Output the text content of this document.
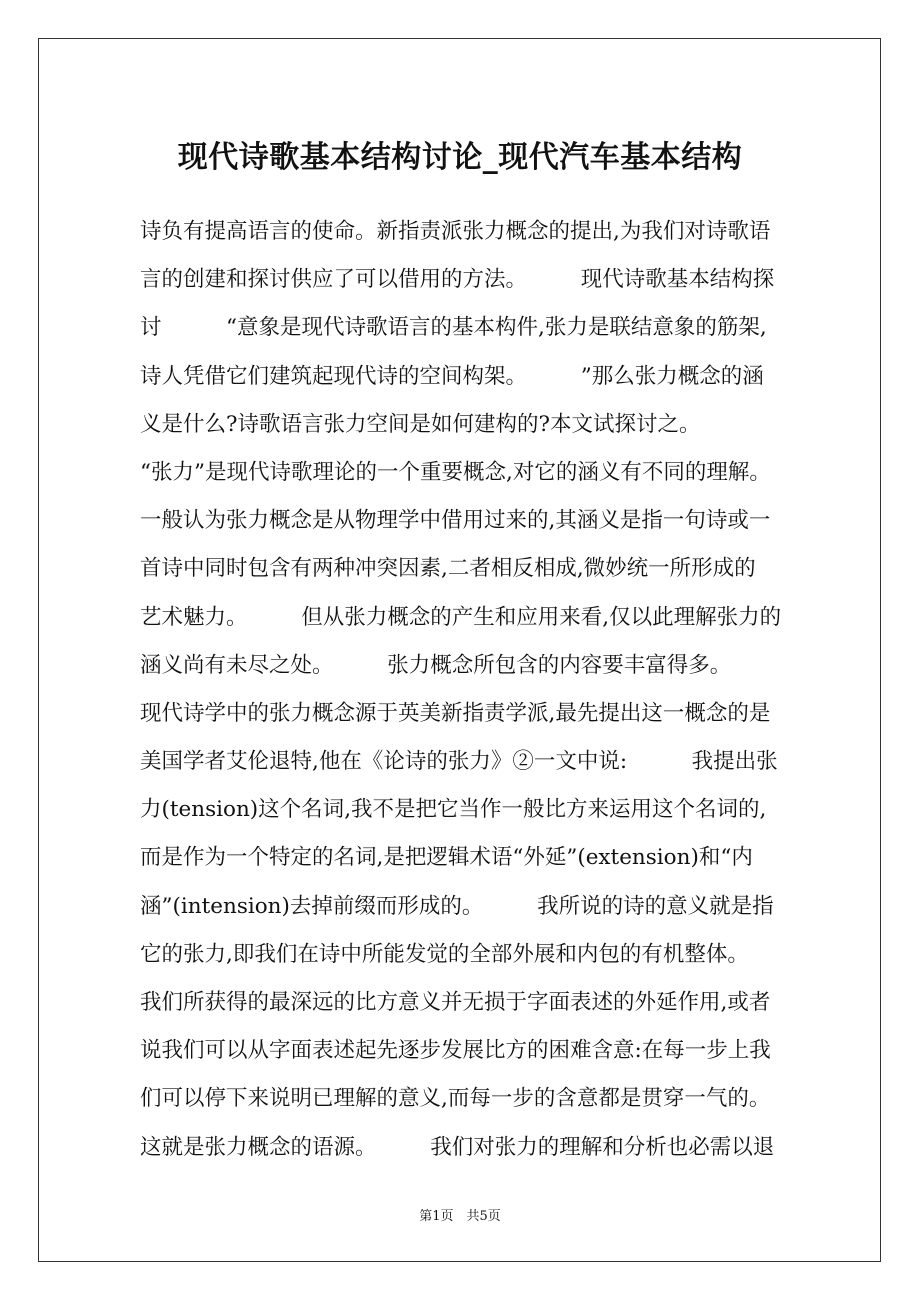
现代诗歌基本结构讨论_现代汽车基本结构
诗负有提高语言的使命。新指责派张力概念的提出,为我们对诗歌语
言的创建和探讨供应了可以借用的方法。　　　现代诗歌基本结构探
讨　　　“意象是现代诗歌语言的基本构件,张力是联结意象的筋架,
诗人凭借它们建筑起现代诗的空间构架。　　　”那么张力概念的涵
义是什么?诗歌语言张力空间是如何建构的?本文试探讨之。
“张力”是现代诗歌理论的一个重要概念,对它的涵义有不同的理解。
一般认为张力概念是从物理学中借用过来的,其涵义是指一句诗或一
首诗中同时包含有两种冲突因素,二者相反相成,微妙统一所形成的
艺术魅力。　　　但从张力概念的产生和应用来看,仅以此理解张力的
涵义尚有未尽之处。　　　张力概念所包含的内容要丰富得多。
现代诗学中的张力概念源于英美新指责学派,最先提出这一概念的是
美国学者艾伦退特,他在《论诗的张力》②一文中说:　　　我提出张
力(tension)这个名词,我不是把它当作一般比方来运用这个名词的,
而是作为一个特定的名词,是把逻辑术语“外延”(extension)和“内
涵”(intension)去掉前缀而形成的。　　　我所说的诗的意义就是指
它的张力,即我们在诗中所能发觉的全部外展和内包的有机整体。
我们所获得的最深远的比方意义并无损于字面表述的外延作用,或者
说我们可以从字面表述起先逐步发展比方的困难含意:在每一步上我
们可以停下来说明已理解的意义,而每一步的含意都是贯穿一气的。
这就是张力概念的语源。　　　我们对张力的理解和分析也必需以退
第1页　共5页
